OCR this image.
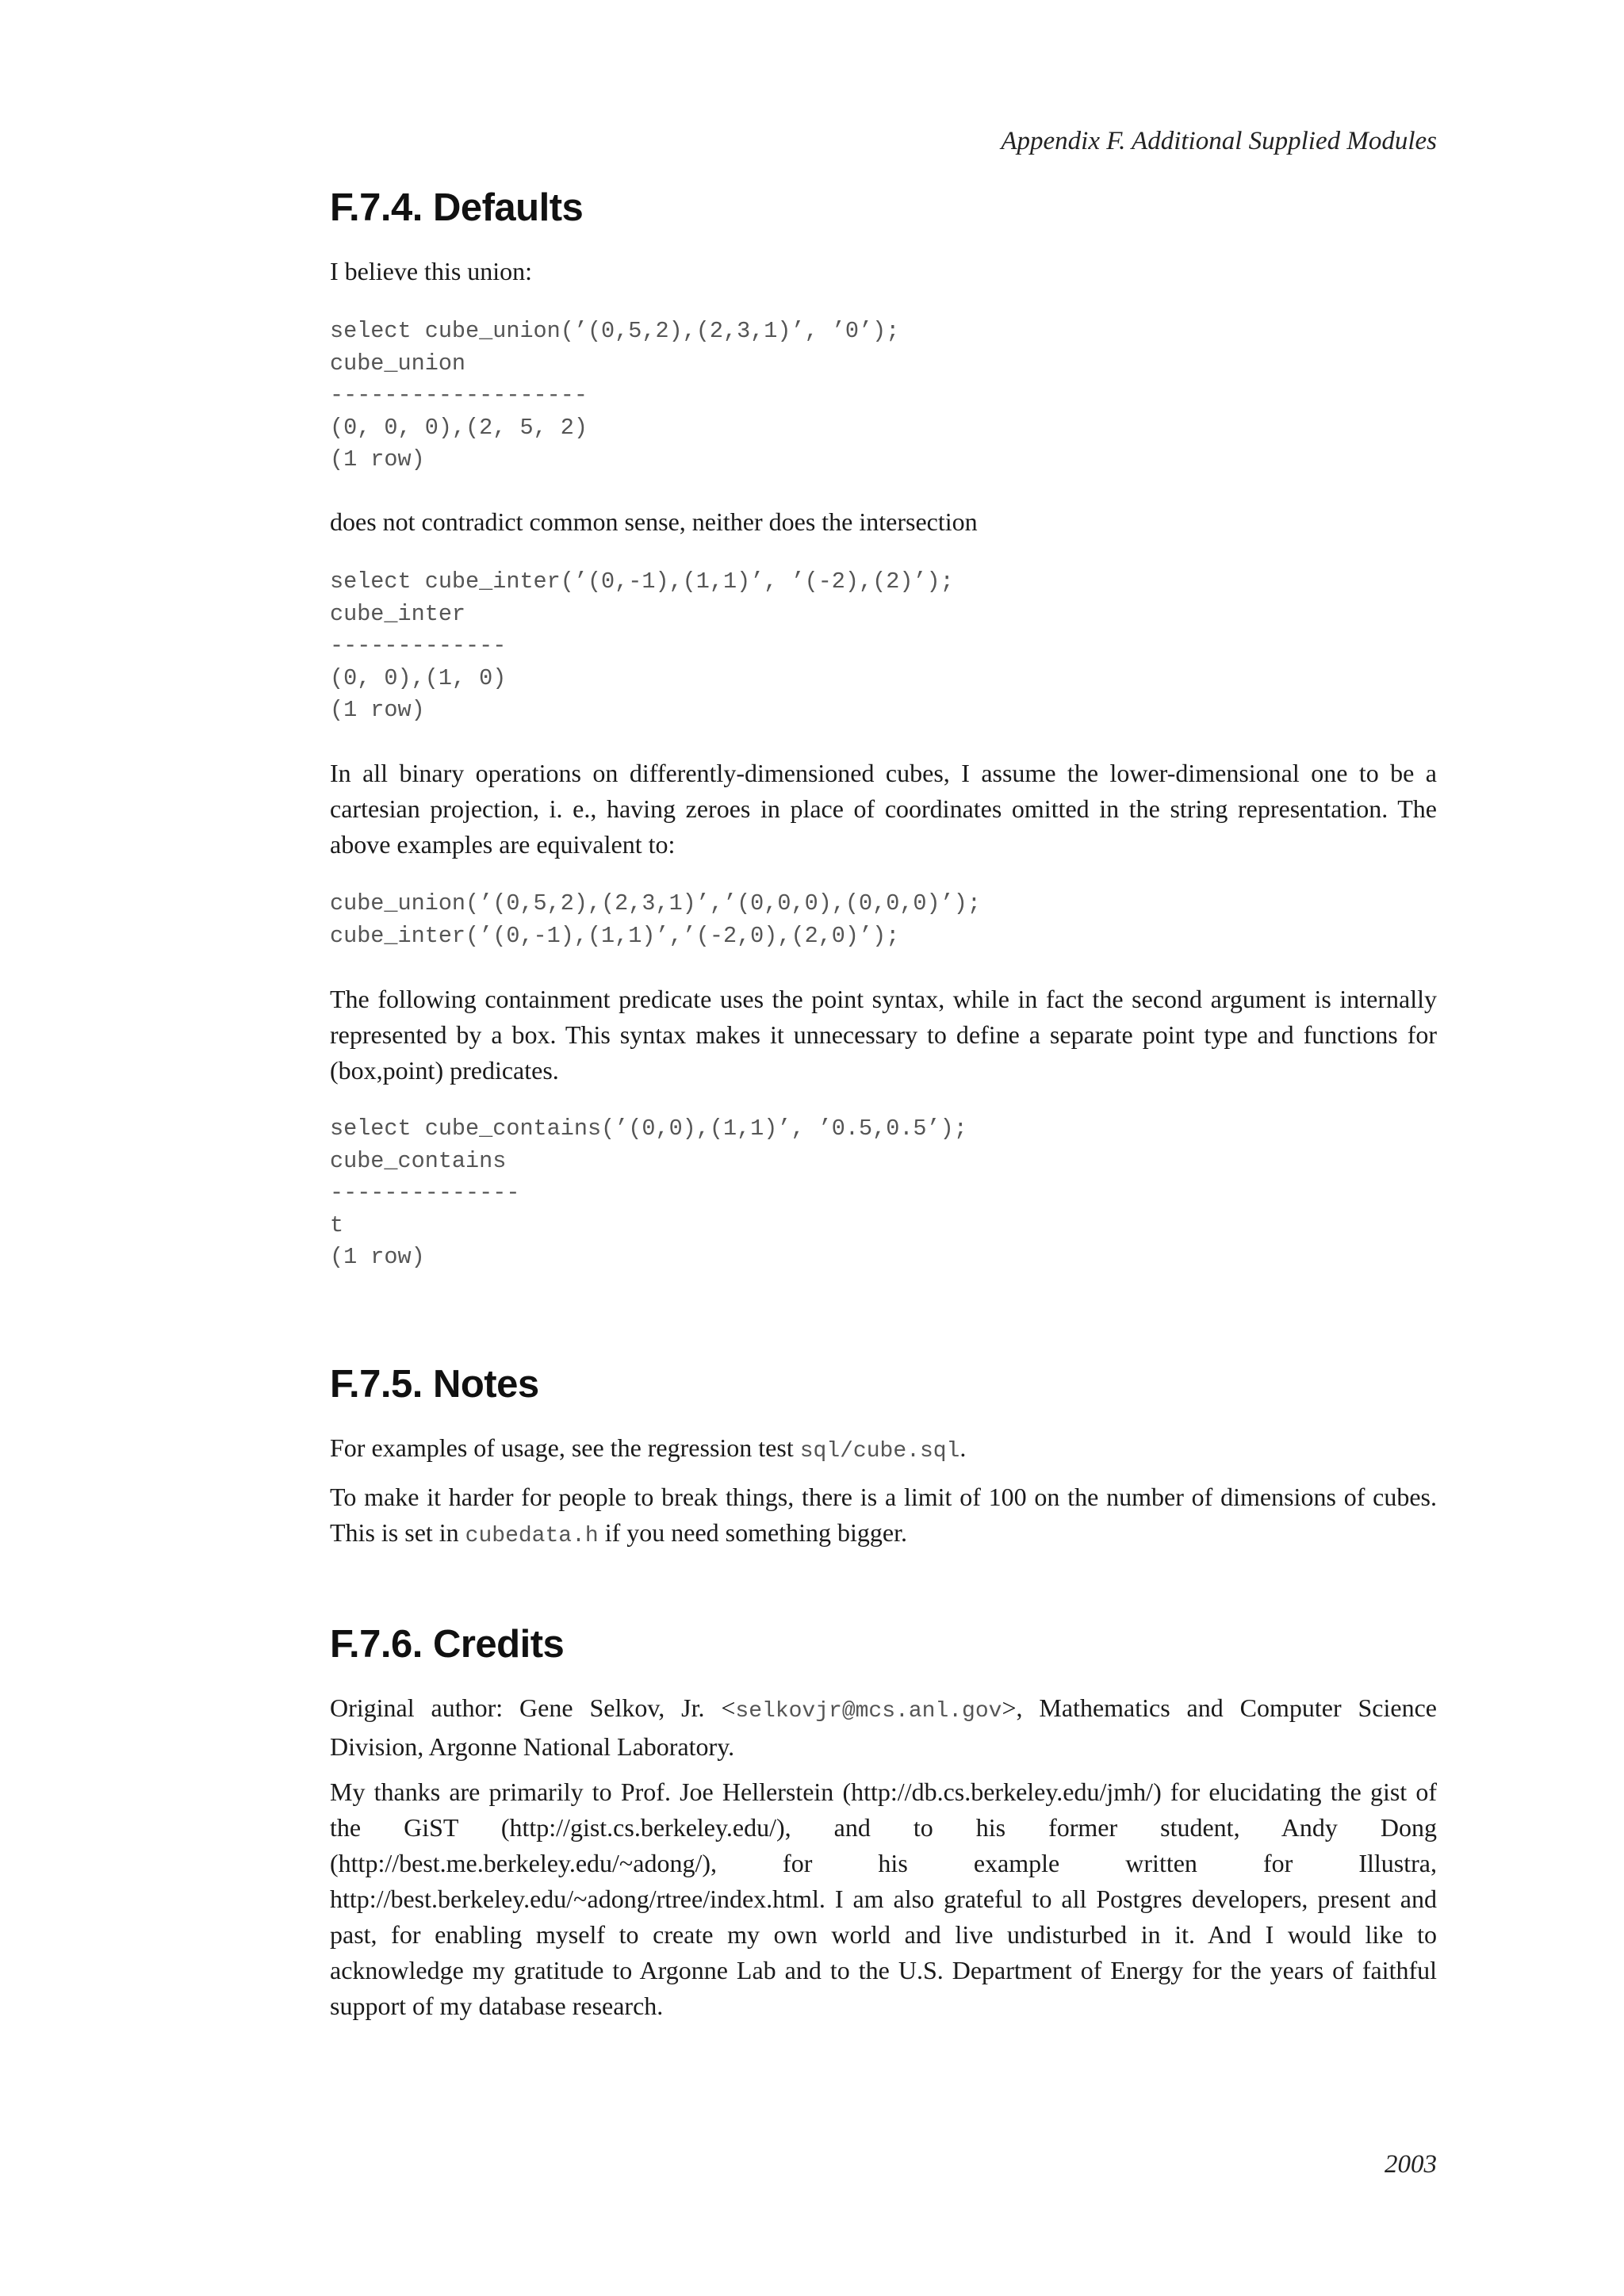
Appendix F. Additional Supplied Modules
F.7.4. Defaults

I believe this union:

select cube_union(’(0,5,2),(2,3,1)’, ’0’);
cube_union
-------------------
(0, 0, 0),(2, 5, 2)
(1 row)

does not contradict common sense, neither does the intersection

select cube_inter(’(0,-1),(1,1)’, ’(-2),(2)’);
cube_inter
-------------
(0, 0),(1, 0)
(1 row)

In all binary operations on differently-dimensioned cubes, I assume the lower-dimensional one to be a cartesian projection, i. e., having zeroes in place of coordinates omitted in the string representation. The above examples are equivalent to:

cube_union(’(0,5,2),(2,3,1)’,’(0,0,0),(0,0,0)’);
cube_inter(’(0,-1),(1,1)’,’(-2,0),(2,0)’);

The following containment predicate uses the point syntax, while in fact the second argument is internally represented by a box. This syntax makes it unnecessary to define a separate point type and functions for (box,point) predicates.

select cube_contains(’(0,0),(1,1)’, ’0.5,0.5’);
cube_contains
--------------
t
(1 row)
F.7.5. Notes

For examples of usage, see the regression test sql/cube.sql.

To make it harder for people to break things, there is a limit of 100 on the number of dimensions of cubes. This is set in cubedata.h if you need something bigger.

F.7.6. Credits

Original author: Gene Selkov, Jr. <selkovjr@mcs.anl.gov>, Mathematics and Computer Science Division, Argonne National Laboratory.

My thanks are primarily to Prof. Joe Hellerstein (http://db.cs.berkeley.edu/jmh/) for elucidating the gist of the GiST (http://gist.cs.berkeley.edu/), and to his former student, Andy Dong (http://best.me.berkeley.edu/~adong/), for his example written for Illustra, http://best.berkeley.edu/~adong/rtree/index.html. I am also grateful to all Postgres developers, present and past, for enabling myself to create my own world and live undisturbed in it. And I would like to acknowledge my gratitude to Argonne Lab and to the U.S. Department of Energy for the years of faithful support of my database research.

2003
